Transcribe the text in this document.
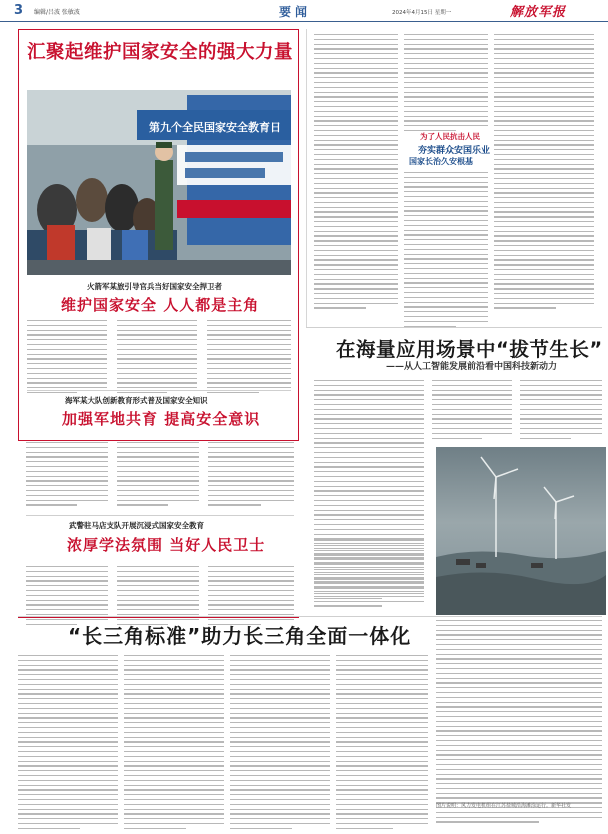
3 编辑/吕波 张敏波	要闻	2024年4月15日 星期一	解放军报
汇聚起维护国家安全的强大力量
第九个全民国家安全教育日
火箭军某旅引导官兵当好国家安全捍卫者
维护国家安全 人人都是主角
海军某大队创新教育形式普及国家安全知识
加强军地共育 提高安全意识
武警驻马店支队开展沉浸式国家安全教育
浓厚学法氛围 当好人民卫士
为了人民抗击人民
夯实群众安国乐业
国家长治久安根基
在海量应用场景中“拔节生长”
——从人工智能发展前沿看中国科技新动力
“长三角标准”助力长三角全面一体化
图片说明：风力发电机组在江苏盐城沿海滩涂运行。新华社发
